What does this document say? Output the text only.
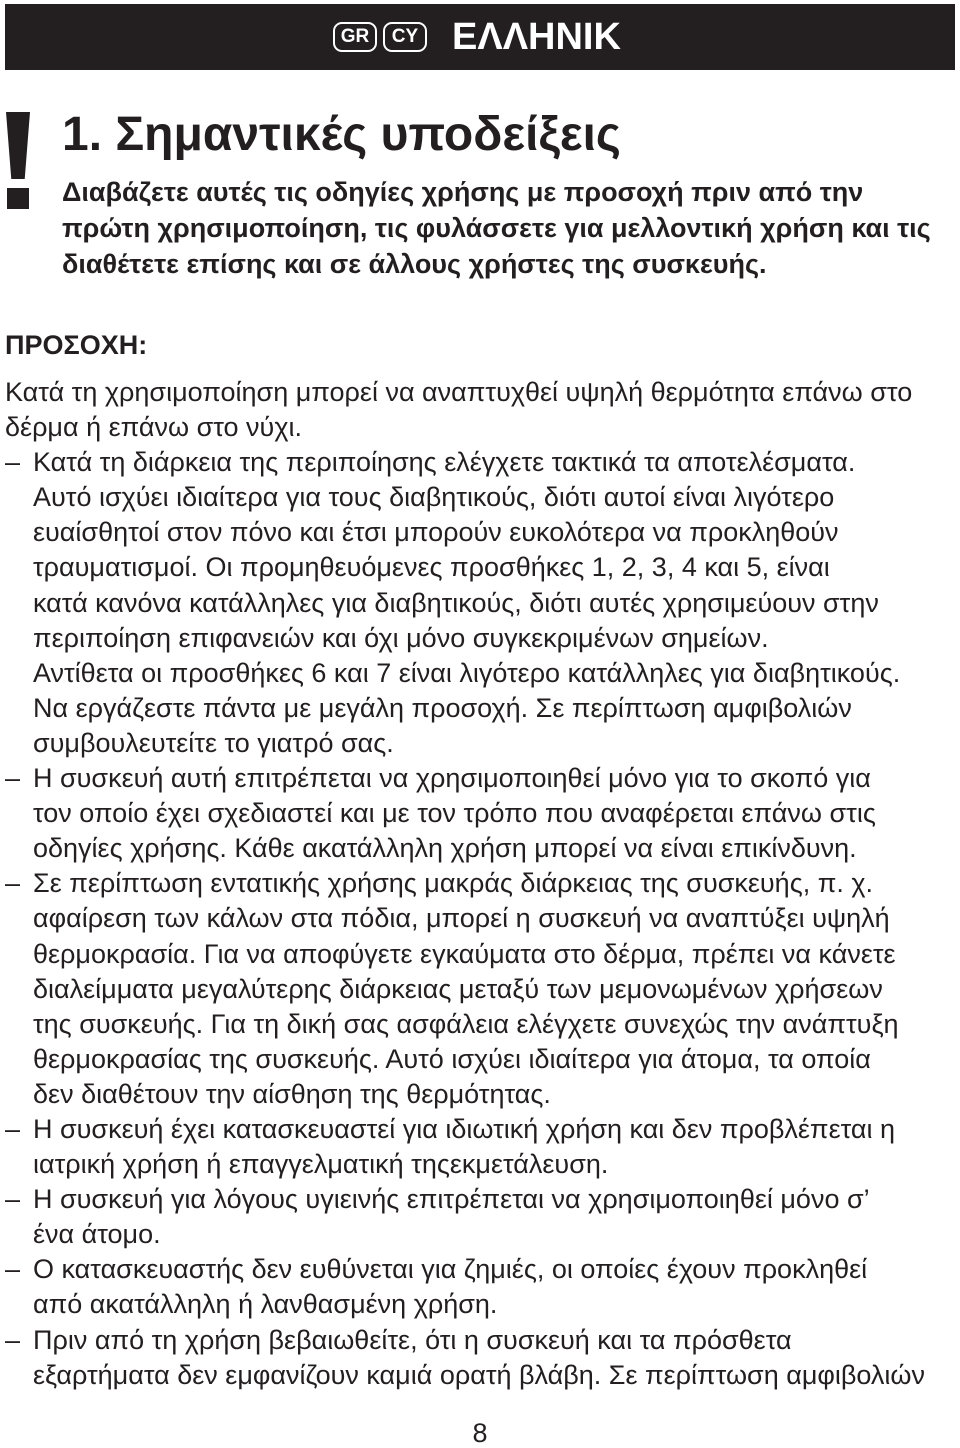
GR	CY ΕΛΛΗΝΙΚ
1. Σημαντικές υποδείξεις
Διαβάζετε αυτές τις οδηγίες χρήσης με προσοχή πριν από την
πρώτη χρησιμοποίηση, τις φυλάσσετε για μελλοντική χρήση και τις
διαθέτετε επίσης και σε άλλους χρήστες της συσκευής.
ΠΡΟΣΟΧΗ:
Κατά τη χρησιμοποίηση μπορεί να αναπτυχθεί υψηλή θερμότητα επάνω στο
δέρμα ή επάνω στο νύχι.
– Κατά τη διάρκεια της περιποίησης ελέγχετε τακτικά τα αποτελέσματα.
Αυτό ισχύει ιδιαίτερα για τους διαβητικούς, διότι αυτοί είναι λιγότερο
ευαίσθητοί στον πόνο και έτσι μπορούν ευκολότερα να προκληθούν
τραυματισμοί. Οι προμηθευόμενες προσθήκες 1, 2, 3, 4 και 5, είναι
κατά κανόνα κατάλληλες για διαβητικούς, διότι αυτές χρησιμεύουν στην
περιποίηση επιφανειών και όχι μόνο συγκεκριμένων σημείων.
Αντίθετα οι προσθήκες 6 και 7 είναι λιγότερο κατάλληλες για διαβητικούς.
Να εργάζεστε πάντα με μεγάλη προσοχή. Σε περίπτωση αμφιβολιών
συμβουλευτείτε το γιατρό σας.
– Η συσκευή αυτή επιτρέπεται να χρησιμοποιηθεί μόνο για το σκοπό για
τον οποίο έχει σχεδιαστεί και με τον τρόπο που αναφέρεται επάνω στις
οδηγίες χρήσης. Κάθε ακατάλληλη χρήση μπορεί να είναι επικίνδυνη.
– Σε περίπτωση εντατικής χρήσης μακράς διάρκειας της συσκευής, π. χ.
αφαίρεση των κάλων στα πόδια, μπορεί η συσκευή να αναπτύξει υψηλή
θερμοκρασία. Για να αποφύγετε εγκαύματα στο δέρμα, πρέπει να κάνετε
διαλείμματα μεγαλύτερης διάρκειας μεταξύ των μεμονωμένων χρήσεων
της συσκευής. Για τη δική σας ασφάλεια ελέγχετε συνεχώς την ανάπτυξη
θερμοκρασίας της συσκευής. Αυτό ισχύει ιδιαίτερα για άτομα, τα οποία
δεν διαθέτουν την αίσθηση της θερμότητας.
– Η συσκευή έχει κατασκευαστεί για ιδιωτική χρήση και δεν προβλέπεται η
ιατρική χρήση ή επαγγελματική τηςεκμετάλευση.
– Η συσκευή για λόγους υγιεινής επιτρέπεται να χρησιμοποιηθεί μόνο σ’
ένα άτομο.
– Ο κατασκευαστής δεν ευθύνεται για ζημιές, οι οποίες έχουν προκληθεί
από ακατάλληλη ή λανθασμένη χρήση.
– Πριν από τη χρήση βεβαιωθείτε, ότι η συσκευή και τα πρόσθετα
εξαρτήματα δεν εμφανίζουν καμιά ορατή βλάβη. Σε περίπτωση αμφιβολιών
8
